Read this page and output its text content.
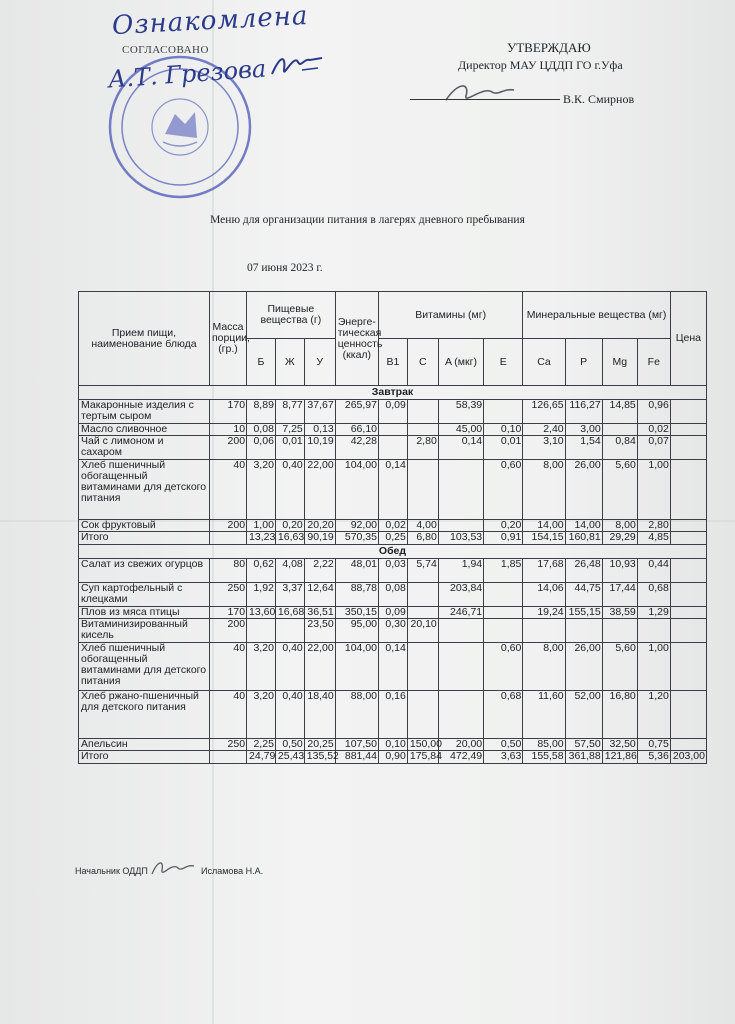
Ознакомлена
СОГЛАСОВАНО
А.Т. Грезова
УТВЕРЖДАЮ
Директор МАУ ЦДДП ГО г.Уфа
В.К. Смирнов
Меню для организации питания в лагерях дневного пребывания
07 июня 2023 г.
Прием пищи, наименование блюда	Масса порции, (гр.)	Пищевые вещества (г)			Энерге-тическая ценность (ккал)	Витамины (мг)				Минеральные вещества (мг)				Цена
		Б	Ж	У		B1	C	A (мкг)	E	Ca	P	Mg	Fe	
Завтрак														
Макаронные изделия с тертым сыром	170	8,89	8,77	37,67	265,97	0,09		58,39		126,65	116,27	14,85	0,96	
Масло сливочное	10	0,08	7,25	0,13	66,10			45,00	0,10	2,40	3,00		0,02	
Чай с лимоном и сахаром	200	0,06	0,01	10,19	42,28		2,80	0,14	0,01	3,10	1,54	0,84	0,07	
Хлеб пшеничный обогащенный витаминами для детского питания	40	3,20	0,40	22,00	104,00	0,14			0,60	8,00	26,00	5,60	1,00	
Сок фруктовый	200	1,00	0,20	20,20	92,00	0,02	4,00		0,20	14,00	14,00	8,00	2,80	
Итого		13,23	16,63	90,19	570,35	0,25	6,80	103,53	0,91	154,15	160,81	29,29	4,85	
Обед														
Салат из свежих огурцов	80	0,62	4,08	2,22	48,01	0,03	5,74	1,94	1,85	17,68	26,48	10,93	0,44	
Суп картофельный с клецками	250	1,92	3,37	12,64	88,78	0,08		203,84		14,06	44,75	17,44	0,68	
Плов из мяса птицы	170	13,60	16,68	36,51	350,15	0,09		246,71		19,24	155,15	38,59	1,29	
Витаминизированный кисель	200			23,50	95,00	0,30	20,10							
Хлеб пшеничный обогащенный витаминами для детского питания	40	3,20	0,40	22,00	104,00	0,14			0,60	8,00	26,00	5,60	1,00	
Хлеб ржано-пшеничный для детского питания	40	3,20	0,40	18,40	88,00	0,16			0,68	11,60	52,00	16,80	1,20	
Апельсин	250	2,25	0,50	20,25	107,50	0,10	150,00	20,00	0,50	85,00	57,50	32,50	0,75	
Итого		24,79	25,43	135,52	881,44	0,90	175,84	472,49	3,63	155,58	361,88	121,86	5,36	203,00
Начальник ОДДП	Исламова Н.А.
